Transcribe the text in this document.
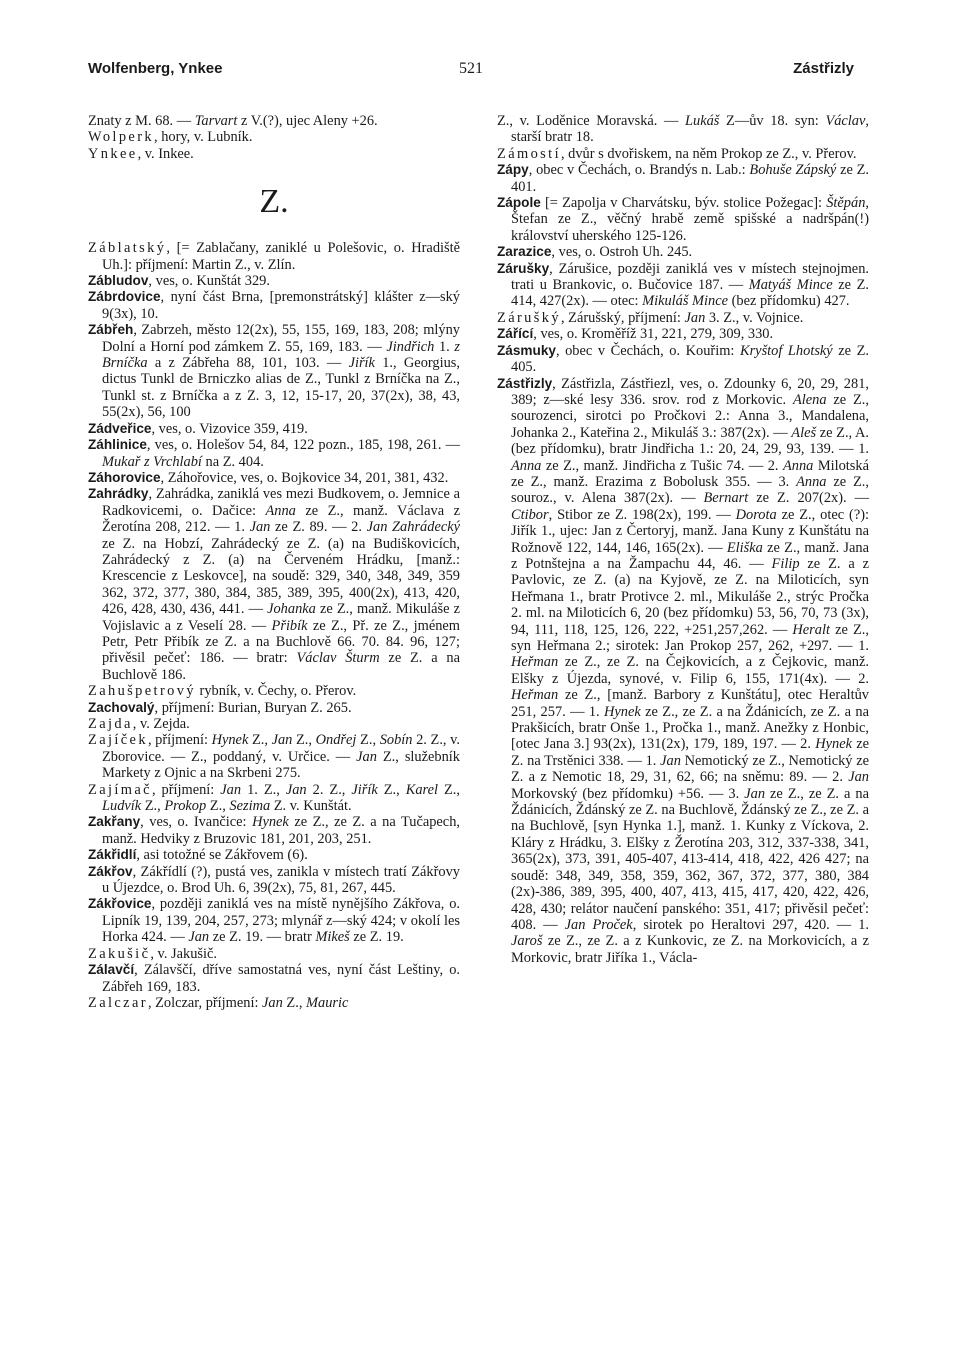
Wolfenberg, Ynkee	521	Zástřizly

Znaty z M. 68. — Tarvart z V.(?), ujec Aleny +26.

Wolperk, hory, v. Lubník.

Ynkee, v. Inkee.

Z.

Záblatský, [= Zablačany, zaniklé u Polešovic, o. Hradiště Uh.]: příjmení: Martin Z., v. Zlín.

Zábludov, ves, o. Kunštát 329.

Zábrdovice, nyní část Brna, [premonstrátský] klášter z—ský 9(3x), 10.

Zábřeh, Zabrzeh, město 12(2x), 55, 155, 169, 183, 208; mlýny Dolní a Horní pod zámkem Z. 55, 169, 183. — Jindřich 1. z Brníčka a z Zábřeha 88, 101, 103. — Jiřík 1., Georgius, dictus Tunkl de Brniczko alias de Z., Tunkl z Brníčka na Z., Tunkl st. z Brníčka a z Z. 3, 12, 15-17, 20, 37(2x), 38, 43, 55(2x), 56, 100

Zádveřice, ves, o. Vizovice 359, 419.

Záhlinice, ves, o. Holešov 54, 84, 122 pozn., 185, 198, 261. — Mukař z Vrchlabí na Z. 404.

Záhorovice, Záhořovice, ves, o. Bojkovice 34, 201, 381, 432.

Zahrádky, Zahrádka, zaniklá ves mezi Budkovem, o. Jemnice a Radkovicemi, o. Dačice: Anna ze Z., manž. Václava z Žerotína 208, 212. — 1. Jan ze Z. 89. — 2. Jan Zahrádecký ze Z. na Hobzí, Zahrádecký ze Z. (a) na Budiškovicích, Zahrádecký z Z. (a) na Červeném Hrádku, [manž.: Krescencie z Leskovce], na soudě: 329, 340, 348, 349, 359 362, 372, 377, 380, 384, 385, 389, 395, 400(2x), 413, 420, 426, 428, 430, 436, 441. — Johanka ze Z., manž. Mikuláše z Vojislavic a z Veselí 28. — Přibík ze Z., Př. ze Z., jménem Petr, Petr Přibík ze Z. a na Buchlově 66. 70. 84. 96, 127; přivěsil pečeť: 186. — bratr: Václav Šturm ze Z. a na Buchlově 186.

Zahušpetrový rybník, v. Čechy, o. Přerov.

Zachovalý, příjmení: Burian, Buryan Z. 265.

Zajda, v. Zejda.

Zajíček, příjmení: Hynek Z., Jan Z., Ondřej Z., Sobín 2. Z., v. Zborovice. — Z., poddaný, v. Určice. — Jan Z., služebník Markety z Ojnic a na Skrbeni 275.

Zajímač, příjmení: Jan 1. Z., Jan 2. Z., Jiřík Z., Karel Z., Ludvík Z., Prokop Z., Sezima Z. v. Kunštát.

Zakřany, ves, o. Ivančice: Hynek ze Z., ze Z. a na Tučapech, manž. Hedviky z Bruzovic 181, 201, 203, 251.

Zákřidlí, asi totožné se Zákřovem (6).

Zákřov, Zákřídlí (?), pustá ves, zanikla v místech tratí Zákřovy u Újezdce, o. Brod Uh. 6, 39(2x), 75, 81, 267, 445.

Zákřovice, později zaniklá ves na místě nynějšího Zákřova, o. Lipník 19, 139, 204, 257, 273; mlynář z—ský 424; v okolí les Horka 424. — Jan ze Z. 19. — bratr Mikeš ze Z. 19.

Zakušič, v. Jakušič.

Zálavčí, Zálavščí, dříve samostatná ves, nyní část Leštiny, o. Zábřeh 169, 183.

Zalczar, Zolczar, příjmení: Jan Z., Mauric

Z., v. Loděnice Moravská. — Lukáš Z—ův 18. syn: Václav, starší bratr 18.

Zámostí, dvůr s dvořiskem, na něm Prokop ze Z., v. Přerov.

Zápy, obec v Čechách, o. Brandýs n. Lab.: Bohuše Zápský ze Z. 401.

Zápole [= Zapolja v Charvátsku, býv. stolice Požegac]: Štěpán, Štefan ze Z., věčný hrabě země spišské a nadršpán(!) království uherského 125-126.

Zarazice, ves, o. Ostroh Uh. 245.

Zárušky, Zárušice, později zaniklá ves v místech stejnojmen. trati u Brankovic, o. Bučovice 187. — Matyáš Mince ze Z. 414, 427(2x). — otec: Mikuláš Mince (bez přídomku) 427.

Zárušký, Zárušský, příjmení: Jan 3. Z., v. Vojnice.

Zářící, ves, o. Kroměříž 31, 221, 279, 309, 330.

Zásmuky, obec v Čechách, o. Kouřim: Kryštof Lhotský ze Z. 405.

Zástřizly, Zástřizla, Zástřiezl, ves, o. Zdounky 6, 20, 29, 281, 389; z—ské lesy 336. srov. rod z Morkovic. Alena ze Z., sourozenci, sirotci po Pročkovi 2.: Anna 3., Mandalena, Johanka 2., Kateřina 2., Mikuláš 3.: 387(2x). — Aleš ze Z., A. (bez přídomku), bratr Jindřicha 1.: 20, 24, 29, 93, 139. — 1. Anna ze Z., manž. Jindřicha z Tušic 74. — 2. Anna Milotská ze Z., manž. Erazima z Bobolusk 355. — 3. Anna ze Z., souroz., v. Alena 387(2x). — Bernart ze Z. 207(2x). — Ctibor, Stibor ze Z. 198(2x), 199. — Dorota ze Z., otec (?): Jiřík 1., ujec: Jan z Čertoryj, manž. Jana Kuny z Kunštátu na Rožnově 122, 144, 146, 165(2x). — Eliška ze Z., manž. Jana z Potnštejna a na Žampachu 44, 46. — Filip ze Z. a z Pavlovic, ze Z. (a) na Kyjově, ze Z. na Miloticích, syn Heřmana 1., bratr Protivce 2. ml., Mikuláše 2., strýc Pročka 2. ml. na Miloticích 6, 20 (bez přídomku) 53, 56, 70, 73 (3x), 94, 111, 118, 125, 126, 222, +251,257,262. — Heralt ze Z., syn Heřmana 2.; sirotek: Jan Prokop 257, 262, +297. — 1. Heřman ze Z., ze Z. na Čejkovicích, a z Čejkovic, manž. Elšky z Újezda, synové, v. Filip 6, 155, 171(4x). — 2. Heřman ze Z., [manž. Barbory z Kunštátu], otec Heraltův 251, 257. — 1. Hynek ze Z., ze Z. a na Ždánicích, ze Z. a na Prakšicích, bratr Onše 1., Pročka 1., manž. Anežky z Honbic, [otec Jana 3.] 93(2x), 131(2x), 179, 189, 197. — 2. Hynek ze Z. na Trstěnici 338. — 1. Jan Nemotický ze Z., Nemotický ze Z. a z Nemotic 18, 29, 31, 62, 66; na sněmu: 89. — 2. Jan Morkovský (bez přídomku) +56. — 3. Jan ze Z., ze Z. a na Ždánicích, Ždánský ze Z. na Buchlově, Ždánský ze Z., ze Z. a na Buchlově, [syn Hynka 1.], manž. 1. Kunky z Víckova, 2. Kláry z Hrádku, 3. Elšky z Žerotína 203, 312, 337-338, 341, 365(2x), 373, 391, 405-407, 413-414, 418, 422, 426 427; na soudě: 348, 349, 358, 359, 362, 367, 372, 377, 380, 384 (2x)-386, 389, 395, 400, 407, 413, 415, 417, 420, 422, 426, 428, 430; relátor naučení panského: 351, 417; přivěsil pečeť: 408. — Jan Proček, sirotek po Heraltovi 297, 420. — 1. Jaroš ze Z., ze Z. a z Kunkovic, ze Z. na Morkovicích, a z Morkovic, bratr Jiříka 1., Václa-
